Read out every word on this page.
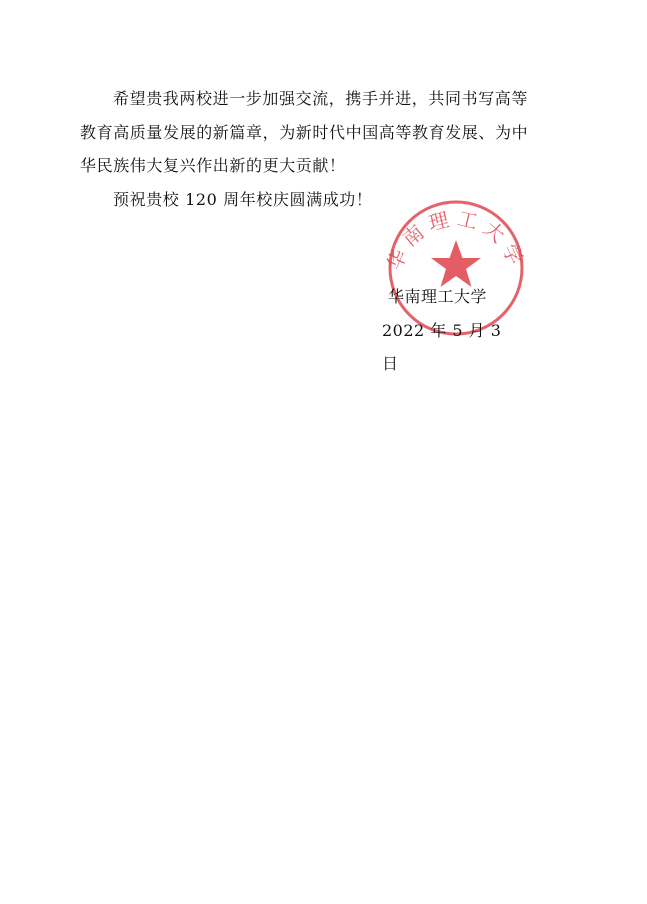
希望贵我两校进一步加强交流，携手并进，共同书写高等

教育高质量发展的新篇章，为新时代中国高等教育发展、为中

华民族伟大复兴作出新的更大贡献！

预祝贵校 120 周年校庆圆满成功！

华南理工大学
华南理工大学
2022 年 5 月 3 日
